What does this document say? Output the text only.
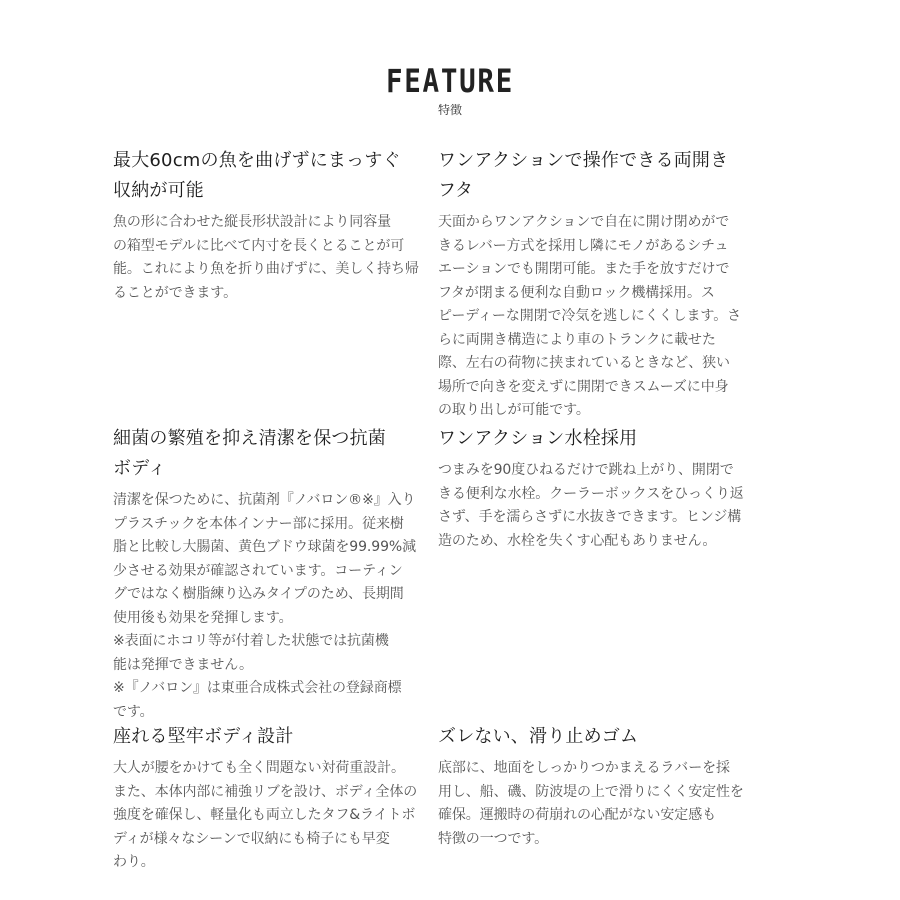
FEATURE
特徴
最大60cmの魚を曲げずにまっすぐ
収納が可能

魚の形に合わせた縦長形状設計により同容量
の箱型モデルに比べて内寸を長くとることが可
能。これにより魚を折り曲げずに、美しく持ち帰
ることができます。

ワンアクションで操作できる両開き
フタ

天面からワンアクションで自在に開け閉めがで
きるレバー方式を採用し隣にモノがあるシチュ
エーションでも開閉可能。また手を放すだけで
フタが閉まる便利な自動ロック機構採用。ス
ピーディーな開閉で冷気を逃しにくくします。さ
らに両開き構造により車のトランクに載せた
際、左右の荷物に挟まれているときなど、狭い
場所で向きを変えずに開閉できスムーズに中身
の取り出しが可能です。

細菌の繁殖を抑え清潔を保つ抗菌
ボディ

清潔を保つために、抗菌剤『ノバロン®※』入り
プラスチックを本体インナー部に採用。従来樹
脂と比較し大腸菌、黄色ブドウ球菌を99.99%減
少させる効果が確認されています。コーティン
グではなく樹脂練り込みタイプのため、長期間
使用後も効果を発揮します。
※表面にホコリ等が付着した状態では抗菌機
能は発揮できません。
※『ノバロン』は東亜合成株式会社の登録商標
です。

ワンアクション水栓採用

つまみを90度ひねるだけで跳ね上がり、開閉で
きる便利な水栓。クーラーボックスをひっくり返
さず、手を濡らさずに水抜きできます。ヒンジ構
造のため、水栓を失くす心配もありません。

座れる堅牢ボディ設計

大人が腰をかけても全く問題ない対荷重設計。
また、本体内部に補強リブを設け、ボディ全体の
強度を確保し、軽量化も両立したタフ&ライトボ
ディが様々なシーンで収納にも椅子にも早変
わり。

ズレない、滑り止めゴム

底部に、地面をしっかりつかまえるラバーを採
用し、船、磯、防波堤の上で滑りにくく安定性を
確保。運搬時の荷崩れの心配がない安定感も
特徴の一つです。
